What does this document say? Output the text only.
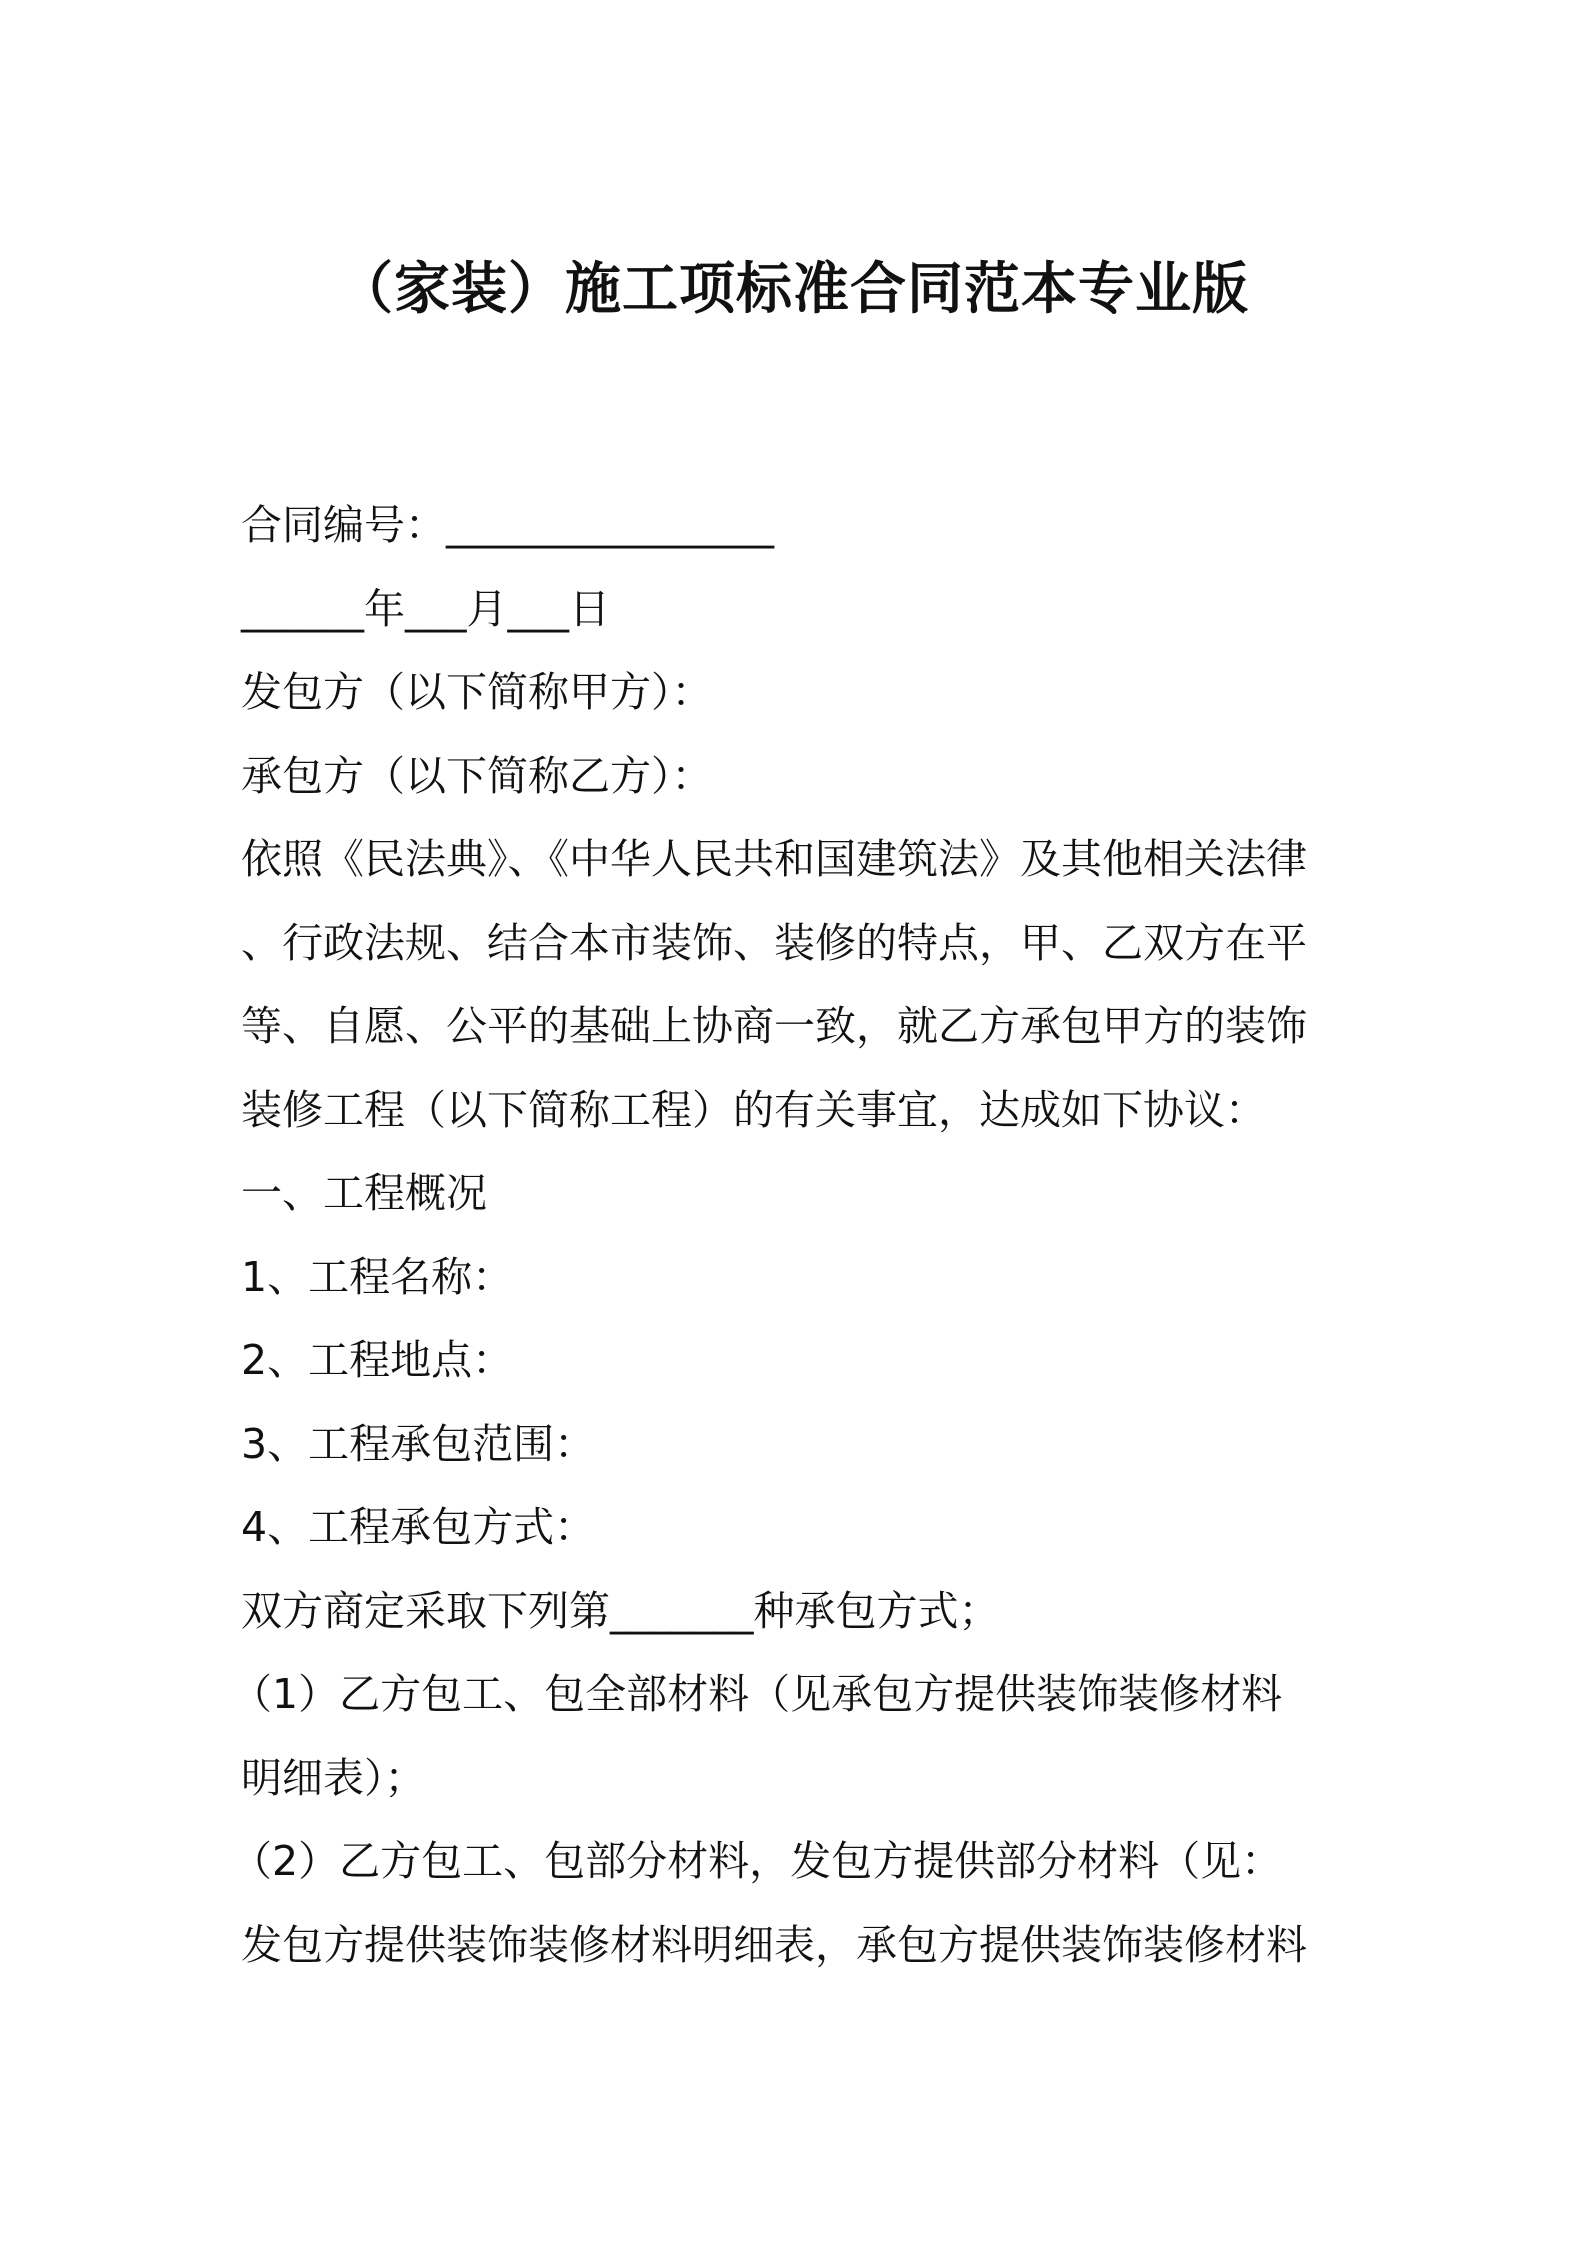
（家装）施工项标准合同范本专业版
合同编号：________________
______年___月___日
发包方（以下简称甲方）：
承包方（以下简称乙方）：
依照《民法典》、《中华人民共和国建筑法》及其他相关法律
、行政法规、结合本市装饰、装修的特点，甲、乙双方在平
等、自愿、公平的基础上协商一致，就乙方承包甲方的装饰
装修工程（以下简称工程）的有关事宜，达成如下协议：
一、工程概况
1、工程名称：
2、工程地点：
3、工程承包范围：
4、工程承包方式：
双方商定采取下列第_______种承包方式；
（1）乙方包工、包全部材料（见承包方提供装饰装修材料
明细表）；
（2）乙方包工、包部分材料，发包方提供部分材料（见：
发包方提供装饰装修材料明细表，承包方提供装饰装修材料
